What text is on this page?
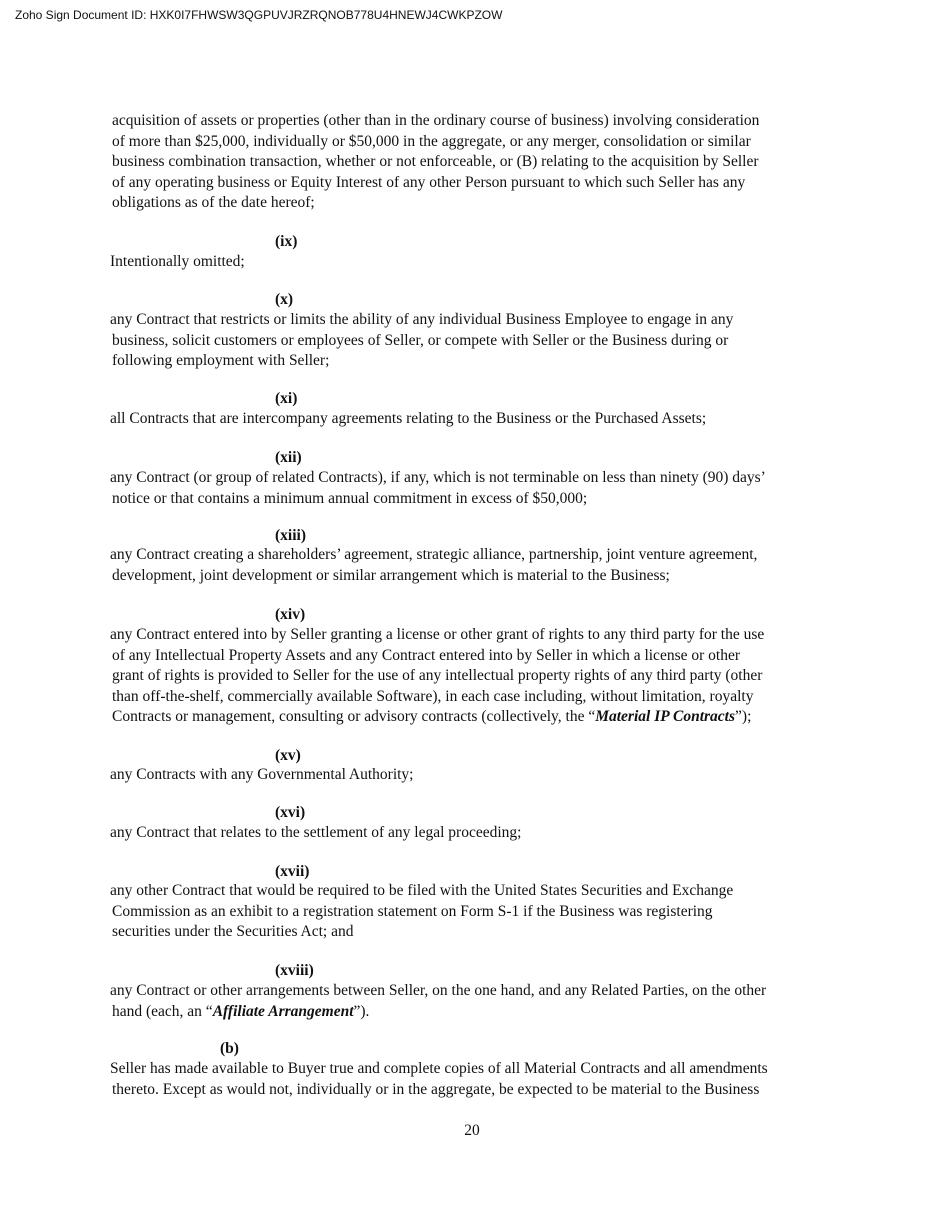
Zoho Sign Document ID: HXK0I7FHWSW3QGPUVJRZRQNOB778U4HNEWJ4CWKPZOW

acquisition of assets or properties (other than in the ordinary course of business) involving consideration
of more than $25,000, individually or $50,000 in the aggregate, or any merger, consolidation or similar
business combination transaction, whether or not enforceable, or (B) relating to the acquisition by Seller
of any operating business or Equity Interest of any other Person pursuant to which such Seller has any
obligations as of the date hereof;

(ix)

Intentionally omitted;

(x)

any Contract that restricts or limits the ability of any individual Business Employee to engage in any
business, solicit customers or employees of Seller, or compete with Seller or the Business during or
following employment with Seller;

(xi)

all Contracts that are intercompany agreements relating to the Business or the Purchased Assets;

(xii)

any Contract (or group of related Contracts), if any, which is not terminable on less than ninety (90) days’
notice or that contains a minimum annual commitment in excess of $50,000;

(xiii)

any Contract creating a shareholders’ agreement, strategic alliance, partnership, joint venture agreement,
development, joint development or similar arrangement which is material to the Business;

(xiv)

any Contract entered into by Seller granting a license or other grant of rights to any third party for the use
of any Intellectual Property Assets and any Contract entered into by Seller in which a license or other
grant of rights is provided to Seller for the use of any intellectual property rights of any third party (other
than off-the-shelf, commercially available Software), in each case including, without limitation, royalty
Contracts or management, consulting or advisory contracts (collectively, the “Material IP Contracts”);

(xv)

any Contracts with any Governmental Authority;

(xvi)

any Contract that relates to the settlement of any legal proceeding;

(xvii)

any other Contract that would be required to be filed with the United States Securities and Exchange
Commission as an exhibit to a registration statement on Form S-1 if the Business was registering
securities under the Securities Act; and

(xviii)

any Contract or other arrangements between Seller, on the one hand, and any Related Parties, on the other
hand (each, an “Affiliate Arrangement”).

(b)

Seller has made available to Buyer true and complete copies of all Material Contracts and all amendments
thereto. Except as would not, individually or in the aggregate, be expected to be material to the Business

20
